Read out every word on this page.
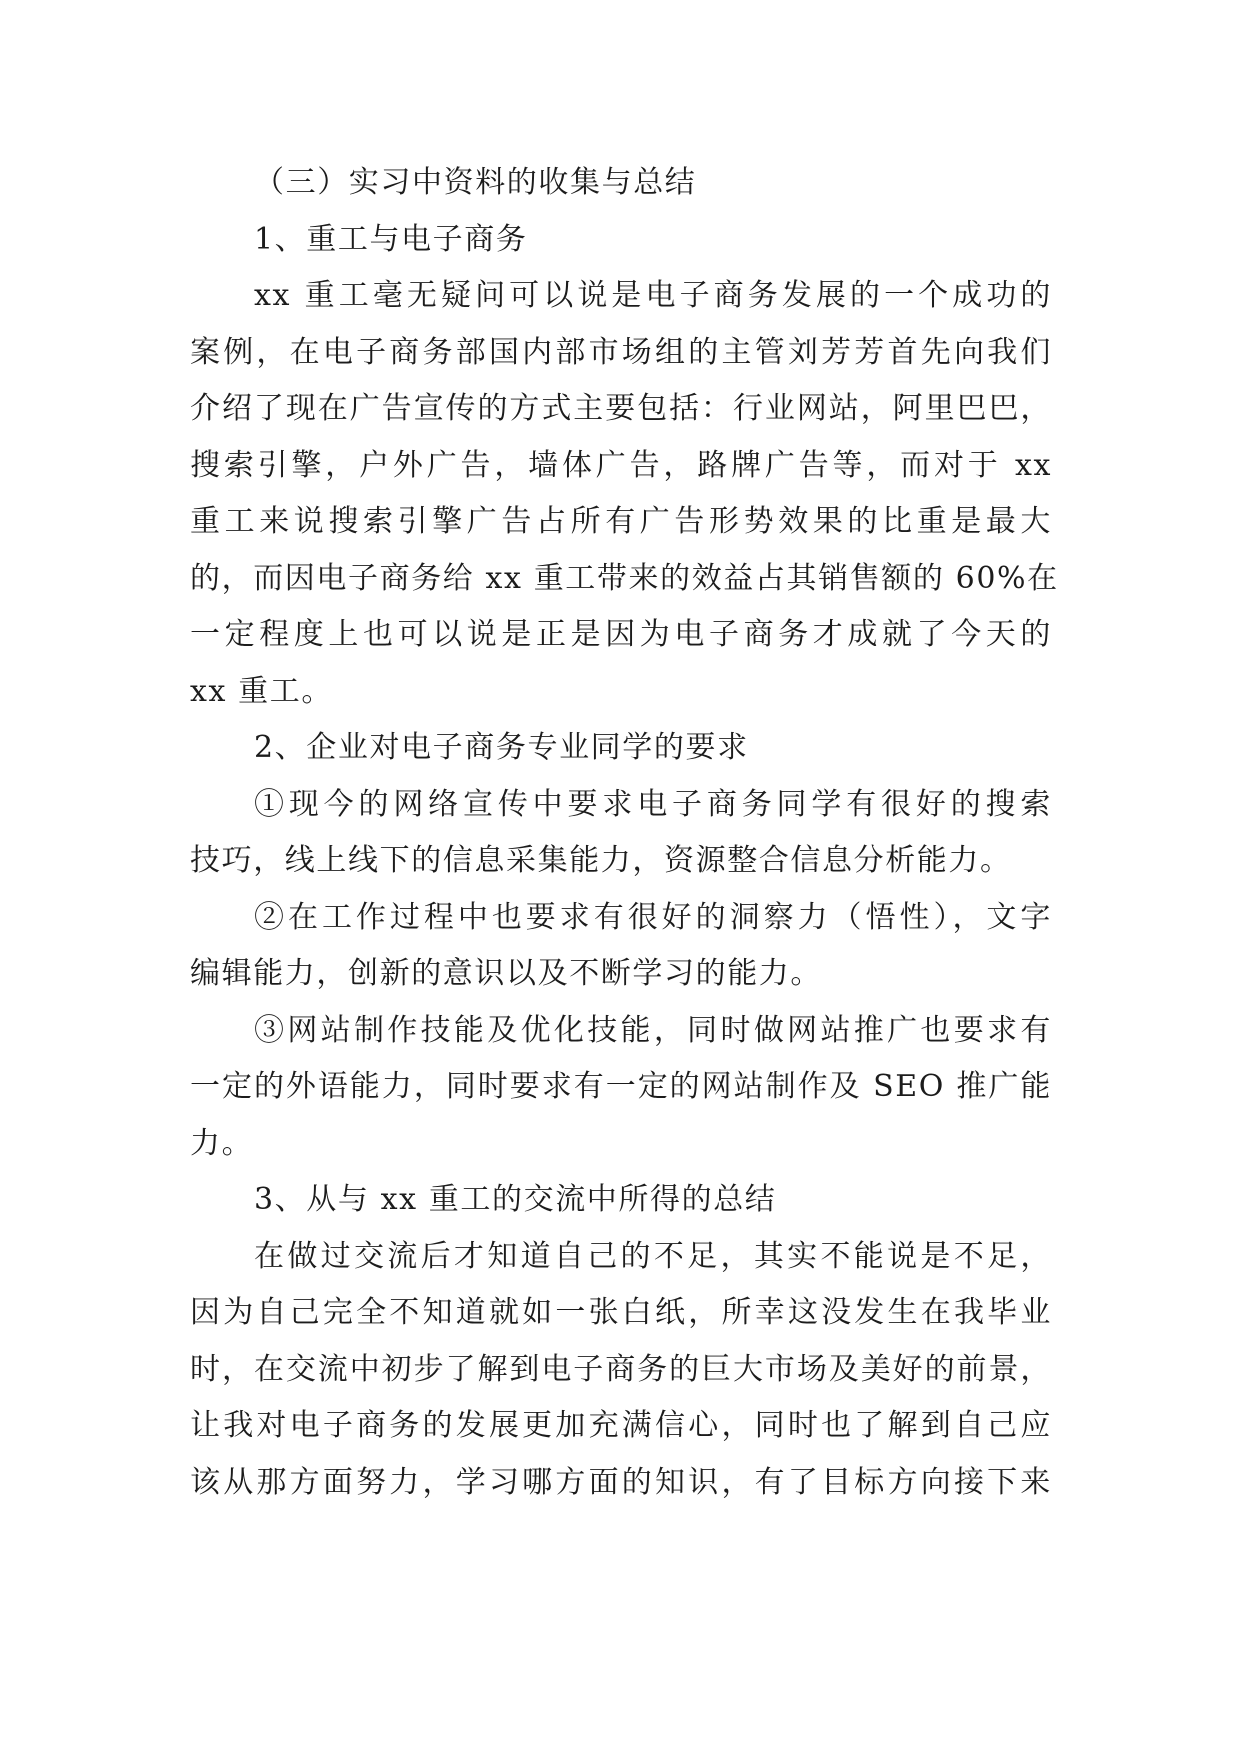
（三）实习中资料的收集与总结
1、重工与电子商务
xx 重工毫无疑问可以说是电子商务发展的一个成功的
案例，在电子商务部国内部市场组的主管刘芳芳首先向我们
介绍了现在广告宣传的方式主要包括：行业网站，阿里巴巴，
搜索引擎，户外广告，墙体广告，路牌广告等，而对于 xx
重工来说搜索引擎广告占所有广告形势效果的比重是最大
的，而因电子商务给 xx 重工带来的效益占其销售额的 60%在
一定程度上也可以说是正是因为电子商务才成就了今天的
xx 重工。
2、企业对电子商务专业同学的要求
①现今的网络宣传中要求电子商务同学有很好的搜索
技巧，线上线下的信息采集能力，资源整合信息分析能力。
②在工作过程中也要求有很好的洞察力（悟性），文字
编辑能力，创新的意识以及不断学习的能力。
③网站制作技能及优化技能，同时做网站推广也要求有
一定的外语能力，同时要求有一定的网站制作及 SEO 推广能
力。
3、从与 xx 重工的交流中所得的总结
在做过交流后才知道自己的不足，其实不能说是不足，
因为自己完全不知道就如一张白纸，所幸这没发生在我毕业
时，在交流中初步了解到电子商务的巨大市场及美好的前景，
让我对电子商务的发展更加充满信心，同时也了解到自己应
该从那方面努力，学习哪方面的知识，有了目标方向接下来
